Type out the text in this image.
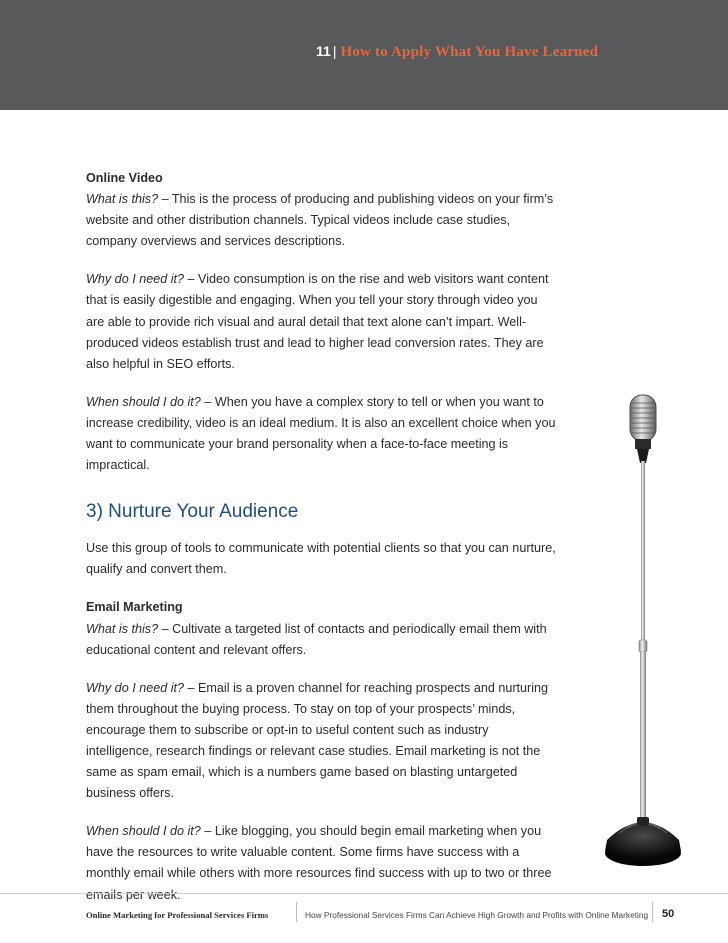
11 | How to Apply What You Have Learned

Online Video
What is this? – This is the process of producing and publishing videos on your firm’s website and other distribution channels. Typical videos include case studies, company overviews and services descriptions.

Why do I need it? – Video consumption is on the rise and web visitors want content that is easily digestible and engaging. When you tell your story through video you are able to provide rich visual and aural detail that text alone can’t impart. Well-produced videos establish trust and lead to higher lead conversion rates. They are also helpful in SEO efforts.

When should I do it? – When you have a complex story to tell or when you want to increase credibility, video is an ideal medium. It is also an excellent choice when you want to communicate your brand personality when a face-to-face meeting is impractical.

3) Nurture Your Audience

Use this group of tools to communicate with potential clients so that you can nurture, qualify and convert them.

Email Marketing
What is this? – Cultivate a targeted list of contacts and periodically email them with educational content and relevant offers.

Why do I need it? – Email is a proven channel for reaching prospects and nurturing them throughout the buying process. To stay on top of your prospects’ minds, encourage them to subscribe or opt-in to useful content such as industry intelligence, research findings or relevant case studies. Email marketing is not the same as spam email, which is a numbers game based on blasting untargeted business offers.

When should I do it? – Like blogging, you should begin email marketing when you have the resources to write valuable content. Some firms have success with a monthly email while others with more resources find success with up to two or three emails per week.

Online Marketing for Professional Services Firms	How Professional Services Firms Can Achieve High Growth and Profits with Online Marketing 50
